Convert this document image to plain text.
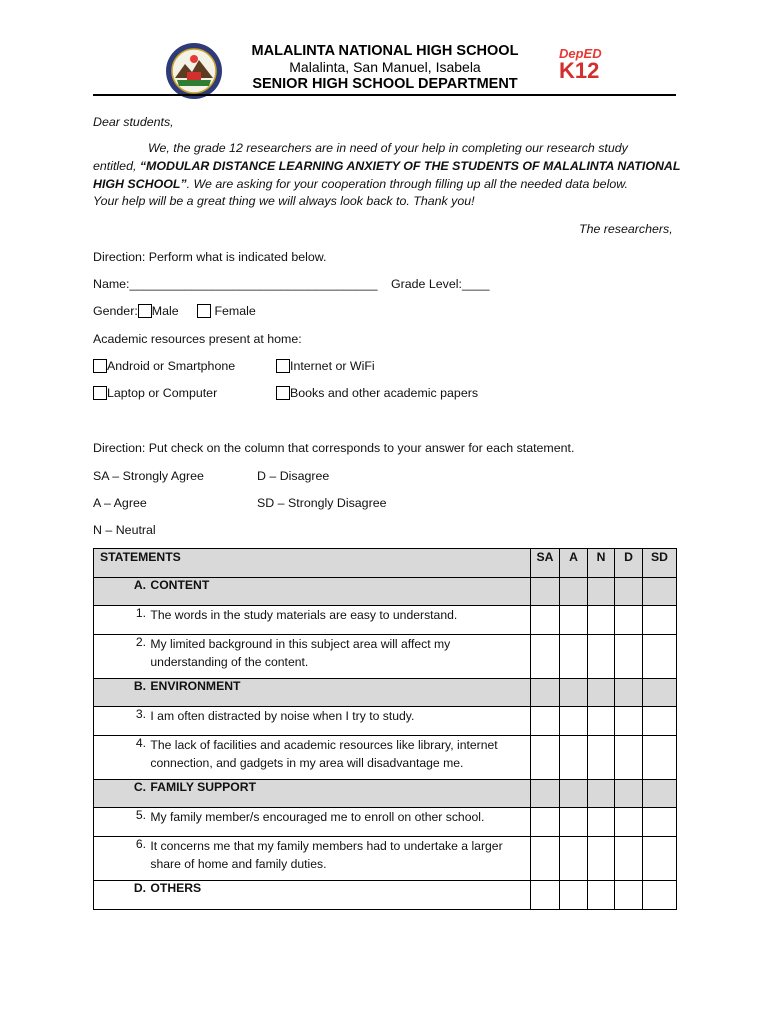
MALALINTA NATIONAL HIGH SCHOOL
Malalinta, San Manuel, Isabela
SENIOR HIGH SCHOOL DEPARTMENT
DepED
K12
Dear students,
We, the grade 12 researchers are in need of your help in completing our research study
entitled, “MODULAR DISTANCE LEARNING ANXIETY OF THE STUDENTS OF MALALINTA NATIONAL
HIGH SCHOOL”. We are asking for your cooperation through filling up all the needed data below.
Your help will be a great thing we will always look back to. Thank you!
The researchers,
Direction: Perform what is indicated below.
Name:____________________________________ Grade Level:____
Gender: Male	Female
Academic resources present at home:
Android or Smartphone	Internet or WiFi
Laptop or Computer	Books and other academic papers
Direction: Put check on the column that corresponds to your answer for each statement.
SA – Strongly Agree	D – Disagree
A – Agree	SD – Strongly Disagree
N – Neutral
STATEMENTS	SA	A	N	D	SD
A. CONTENT					
1. The words in the study materials are easy to understand.					
2. My limited background in this subject area will affect my understanding of the content.					
B. ENVIRONMENT					
3. I am often distracted by noise when I try to study.					
4. The lack of facilities and academic resources like library, internet connection, and gadgets in my area will disadvantage me.					
C. FAMILY SUPPORT					
5. My family member/s encouraged me to enroll on other school.					
6. It concerns me that my family members had to undertake a larger share of home and family duties.					
D. OTHERS					
